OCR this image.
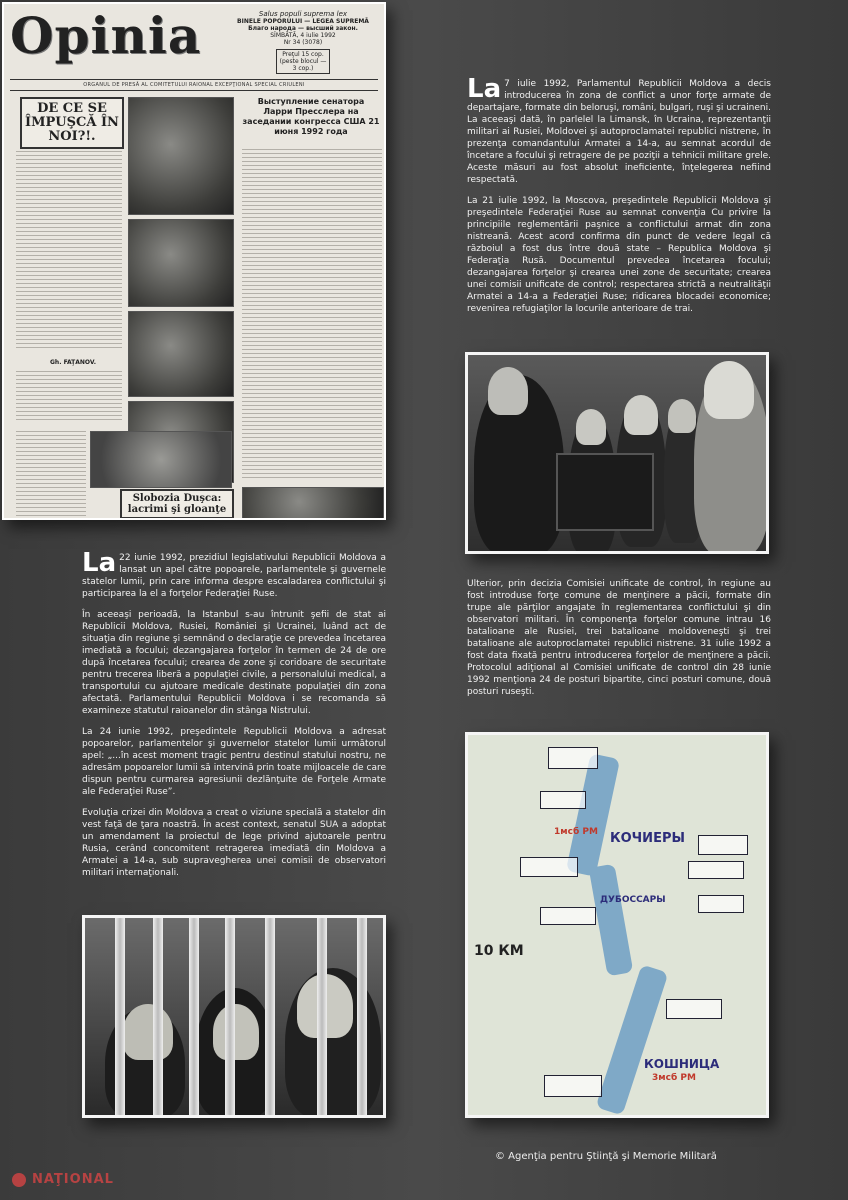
Opinia	Salus populi suprema lex
BINELE POPORULUI — LEGEA SUPREMĂ
Благо народа — высший закон.
SÎMBĂTĂ, 4 iulie 1992
Nr 34 (3078)
Preţul 15 cop. (peste blocul — 3 cop.)
ORGANUL DE PRESĂ AL COMITETULUI RAIONAL EXCEPŢIONAL SPECIAL CRIULENI
DE CE SE ÎMPUŞCĂ ÎN NOI?!.
Gh. FAŢANOV.
Выступление сенатора Ларри Пресслера на заседании конгресса США 21 июня 1992 года
Slobozia Duşca: lacrimi şi gloanţe

La 7 iulie 1992, Parlamentul Republicii Moldova a decis introducerea în zona de conflict a unor forţe armate de departajare, formate din beloruşi, români, bulgari, ruşi şi ucraineni. La aceeaşi dată, în parlelel la Limansk, în Ucraina, reprezentanţii militari ai Rusiei, Moldovei şi autoproclamatei republici nistrene, în prezenţa comandantului Armatei a 14-a, au semnat acordul de încetare a focului şi retragere de pe poziţii a tehnicii militare grele. Aceste măsuri au fost absolut ineficiente, înţelegerea nefiind respectată.

La 21 iulie 1992, la Moscova, preşedintele Republicii Moldova şi preşedintele Federaţiei Ruse au semnat convenţia Cu privire la principiile reglementării paşnice a conflictului armat din zona nistreană. Acest acord confirma din punct de vedere legal că războiul a fost dus între două state – Republica Moldova şi Federaţia Rusă. Documentul prevedea încetarea focului; dezangajarea forţelor şi crearea unei zone de securitate; crearea unei comisii unificate de control; respectarea strictă a neutralităţii Armatei a 14-a a Federaţiei Ruse; ridicarea blocadei economice; revenirea refugiaţilor la locurile anterioare de trai.

La 22 iunie 1992, prezidiul legislativului Republicii Moldova a lansat un apel către popoarele, parlamentele şi guvernele statelor lumii, prin care informa despre escaladarea conflictului şi participarea la el a forţelor Federaţiei Ruse.

În aceeaşi perioadă, la Istanbul s-au întrunit şefii de stat ai Republicii Moldova, Rusiei, României şi Ucrainei, luând act de situaţia din regiune şi semnând o declaraţie ce prevedea încetarea imediată a focului; dezangajarea forţelor în termen de 24 de ore după încetarea focului; crearea de zone şi coridoare de securitate pentru trecerea liberă a populaţiei civile, a personalului medical, a transportului cu ajutoare medicale destinate populaţiei din zona afectată. Parlamentului Republicii Moldova i se recomanda să examineze statutul raioanelor din stânga Nistrului.

La 24 iunie 1992, preşedintele Republicii Moldova a adresat popoarelor, parlamentelor şi guvernelor statelor lumii următorul apel: „...în acest moment tragic pentru destinul statului nostru, ne adresăm popoarelor lumii să intervină prin toate mijloacele de care dispun pentru curmarea agresiunii dezlănţuite de Forţele Armate ale Federaţiei Ruse”.

Evoluţia crizei din Moldova a creat o viziune specială a statelor din vest faţă de ţara noastră. În acest context, senatul SUA a adoptat un amendament la proiectul de lege privind ajutoarele pentru Rusia, cerând concomitent retragerea imediată din Moldova a Armatei a 14-a, sub supravegherea unei comisii de observatori militari internaţionali.

Ulterior, prin decizia Comisiei unificate de control, în regiune au fost introduse forţe comune de menţinere a păcii, formate din trupe ale părţilor angajate în reglementarea conflictului şi din observatori militari. În componenţa forţelor comune intrau 16 batalioane ale Rusiei, trei batalioane moldoveneşti şi trei batalioane ale autoproclamatei republici nistrene. 31 iulie 1992 a fost data fixată pentru introducerea forţelor de menţinere a păcii. Protocolul adiţional al Comisiei unificate de control din 28 iunie 1992 menţiona 24 de posturi bipartite, cinci posturi comune, două posturi ruseşti.

1мсб РМ КОЧИЕРЫ
ДУБОССАРЫ
КОШНИЦА
3мсб РМ
10 КМ

© Agenţia pentru Ştiinţă şi Memorie Militară

NAŢIONAL
